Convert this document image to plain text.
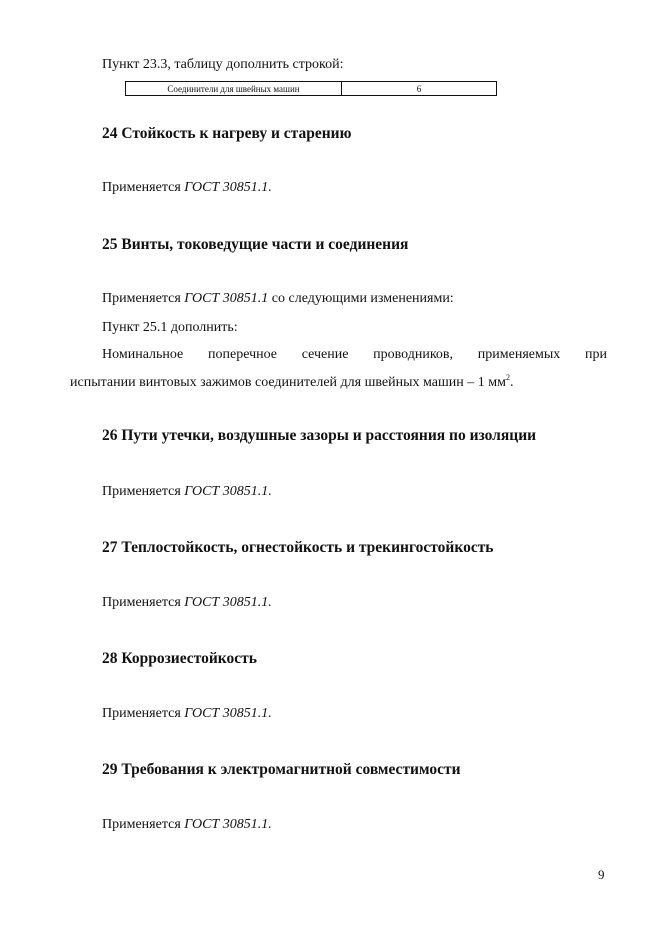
Пункт 23.3, таблицу дополнить строкой:
Соединители для швейных машин	6
24 Стойкость к нагреву и старению
Применяется ГОСТ 30851.1.
25 Винты, токоведущие части и соединения
Применяется ГОСТ 30851.1 со следующими изменениями:
Пункт 25.1 дополнить:
Номинальное поперечное сечение проводников, применяемых при
испытании винтовых зажимов соединителей для швейных машин – 1 $мм^2$.
26 Пути утечки, воздушные зазоры и расстояния по изоляции
Применяется ГОСТ 30851.1.
27 Теплостойкость, огнестойкость и трекингостойкость
Применяется ГОСТ 30851.1.
28 Коррозиестойкость
Применяется ГОСТ 30851.1.
29 Требования к электромагнитной совместимости
Применяется ГОСТ 30851.1.
9
